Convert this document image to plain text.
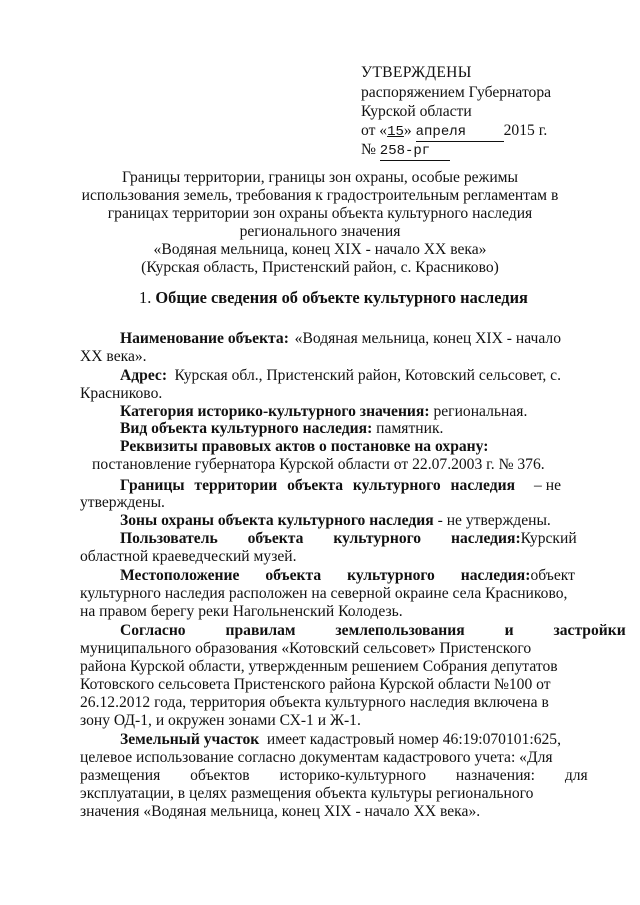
УТВЕРЖДЕНЫ
распоряжением Губернатора
Курской области
от «15» апреля 2015 г.
№ 258-рг
Границы территории, границы зон охраны, особые режимы
использования земель, требования к градостроительным регламентам в
границах территории зон охраны объекта культурного наследия
регионального значения
«Водяная мельница, конец XIX - начало XX века»
(Курская область, Пристенский район, с. Красниково)
1. Общие сведения об объекте культурного наследия
Наименование объекта: «Водяная мельница, конец XIX - начало
XX века».
Адрес: Курская обл., Пристенский район, Котовский сельсовет, с.
Красниково.
Категория историко-культурного значения: региональная.
Вид объекта культурного наследия: памятник.
Реквизиты правовых актов о постановке на охрану:
постановление губернатора Курской области от 22.07.2003 г. № 376.
Границы территории объекта культурного наследия – не
утверждены.
Зоны охраны объекта культурного наследия - не утверждены.
Пользователь объекта культурного наследия: Курский
областной краеведческий музей.
Местоположение объекта культурного наследия: объект
культурного наследия расположен на северной окраине села Красниково,
на правом берегу реки Нагольненский Колодезь.
Согласно правилам землепользования и застройки
муниципального образования «Котовский сельсовет» Пристенского
района Курской области, утвержденным решением Собрания депутатов
Котовского сельсовета Пристенского района Курской области №100 от
26.12.2012 года, территория объекта культурного наследия включена в
зону ОД-1, и окружен зонами СХ-1 и Ж-1.
Земельный участок имеет кадастровый номер 46:19:070101:625,
целевое использование согласно документам кадастрового учета: «Для
размещения объектов историко-культурного назначения: для
эксплуатации, в целях размещения объекта культуры регионального
значения «Водяная мельница, конец XIX - начало XX века».
